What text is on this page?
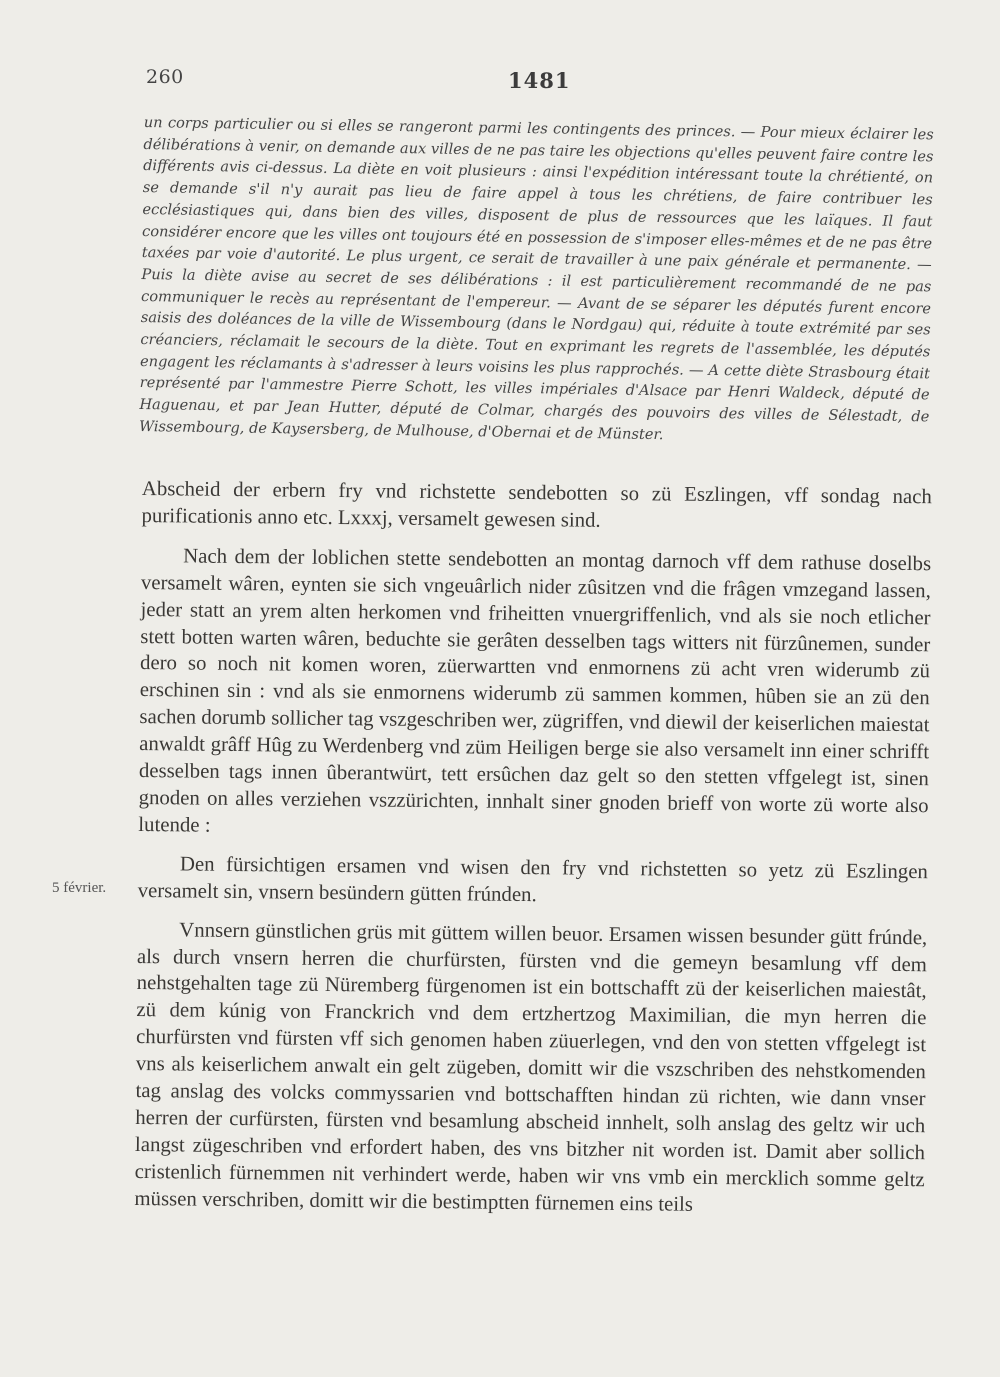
260	1481

un corps particulier ou si elles se rangeront parmi les contingents des princes. — Pour mieux éclairer les délibérations à venir, on demande aux villes de ne pas taire les objections qu'elles peuvent faire contre les différents avis ci-dessus. La diète en voit plusieurs : ainsi l'expédition intéressant toute la chrétienté, on se demande s'il n'y aurait pas lieu de faire appel à tous les chrétiens, de faire contribuer les ecclésiastiques qui, dans bien des villes, disposent de plus de ressources que les laïques. Il faut considérer encore que les villes ont toujours été en possession de s'imposer elles-mêmes et de ne pas être taxées par voie d'autorité. Le plus urgent, ce serait de travailler à une paix générale et permanente. — Puis la diète avise au secret de ses délibérations : il est particulièrement recommandé de ne pas communiquer le recès au représentant de l'empereur. — Avant de se séparer les députés furent encore saisis des doléances de la ville de Wissembourg (dans le Nordgau) qui, réduite à toute extrémité par ses créanciers, réclamait le secours de la diète. Tout en exprimant les regrets de l'assemblée, les députés engagent les réclamants à s'adresser à leurs voisins les plus rapprochés. — A cette diète Strasbourg était représenté par l'ammestre Pierre Schott, les villes impériales d'Alsace par Henri Waldeck, député de Haguenau, et par Jean Hutter, député de Colmar, chargés des pouvoirs des villes de Sélestadt, de Wissembourg, de Kaysersberg, de Mulhouse, d'Obernai et de Münster.

5 février.

Abscheid der erbern fry vnd richstette sendebotten so zü Eszlingen, vff sondag nach purificationis anno etc. Lxxxj, versamelt gewesen sind.

Nach dem der loblichen stette sendebotten an montag darnoch vff dem rathuse doselbs versamelt wâren, eynten sie sich vngeuârlich nider zûsitzen vnd die frâgen vmzegand lassen, jeder statt an yrem alten herkomen vnd friheitten vnuergriffenlich, vnd als sie noch etlicher stett botten warten wâren, beduchte sie gerâten desselben tags witters nit fürzûnemen, sunder dero so noch nit komen woren, züerwartten vnd enmornens zü acht vren widerumb zü erschinen sin : vnd als sie enmornens widerumb zü sammen kommen, hûben sie an zü den sachen dorumb sollicher tag vszgeschriben wer, zügriffen, vnd diewil der keiserlichen maiestat anwaldt grâff Hûg zu Werdenberg vnd züm Heiligen berge sie also versamelt inn einer schrifft desselben tags innen ûberantwürt, tett ersûchen daz gelt so den stetten vffgelegt ist, sinen gnoden on alles verziehen vszzürichten, innhalt siner gnoden brieff von worte zü worte also lutende :

Den fürsichtigen ersamen vnd wisen den fry vnd richstetten so yetz zü Eszlingen versamelt sin, vnsern besündern gütten frúnden.

Vnnsern günstlichen grüs mit güttem willen beuor. Ersamen wissen besunder gütt frúnde, als durch vnsern herren die churfürsten, fürsten vnd die gemeyn besamlung vff dem nehstgehalten tage zü Nüremberg fürgenomen ist ein bottschafft zü der keiserlichen maiestât, zü dem kúnig von Franckrich vnd dem ertzhertzog Maximilian, die myn herren die churfürsten vnd fürsten vff sich genomen haben züuerlegen, vnd den von stetten vffgelegt ist vns als keiserlichem anwalt ein gelt zügeben, domitt wir die vszschriben des nehstkomenden tag anslag des volcks commyssarien vnd bottschafften hindan zü richten, wie dann vnser herren der curfürsten, fürsten vnd besamlung abscheid innhelt, solh anslag des geltz wir uch langst zügeschriben vnd erfordert haben, des vns bitzher nit worden ist. Damit aber sollich cristenlich fürnemmen nit verhindert werde, haben wir vns vmb ein mercklich somme geltz müssen verschriben, domitt wir die bestimptten fürnemen eins teils
